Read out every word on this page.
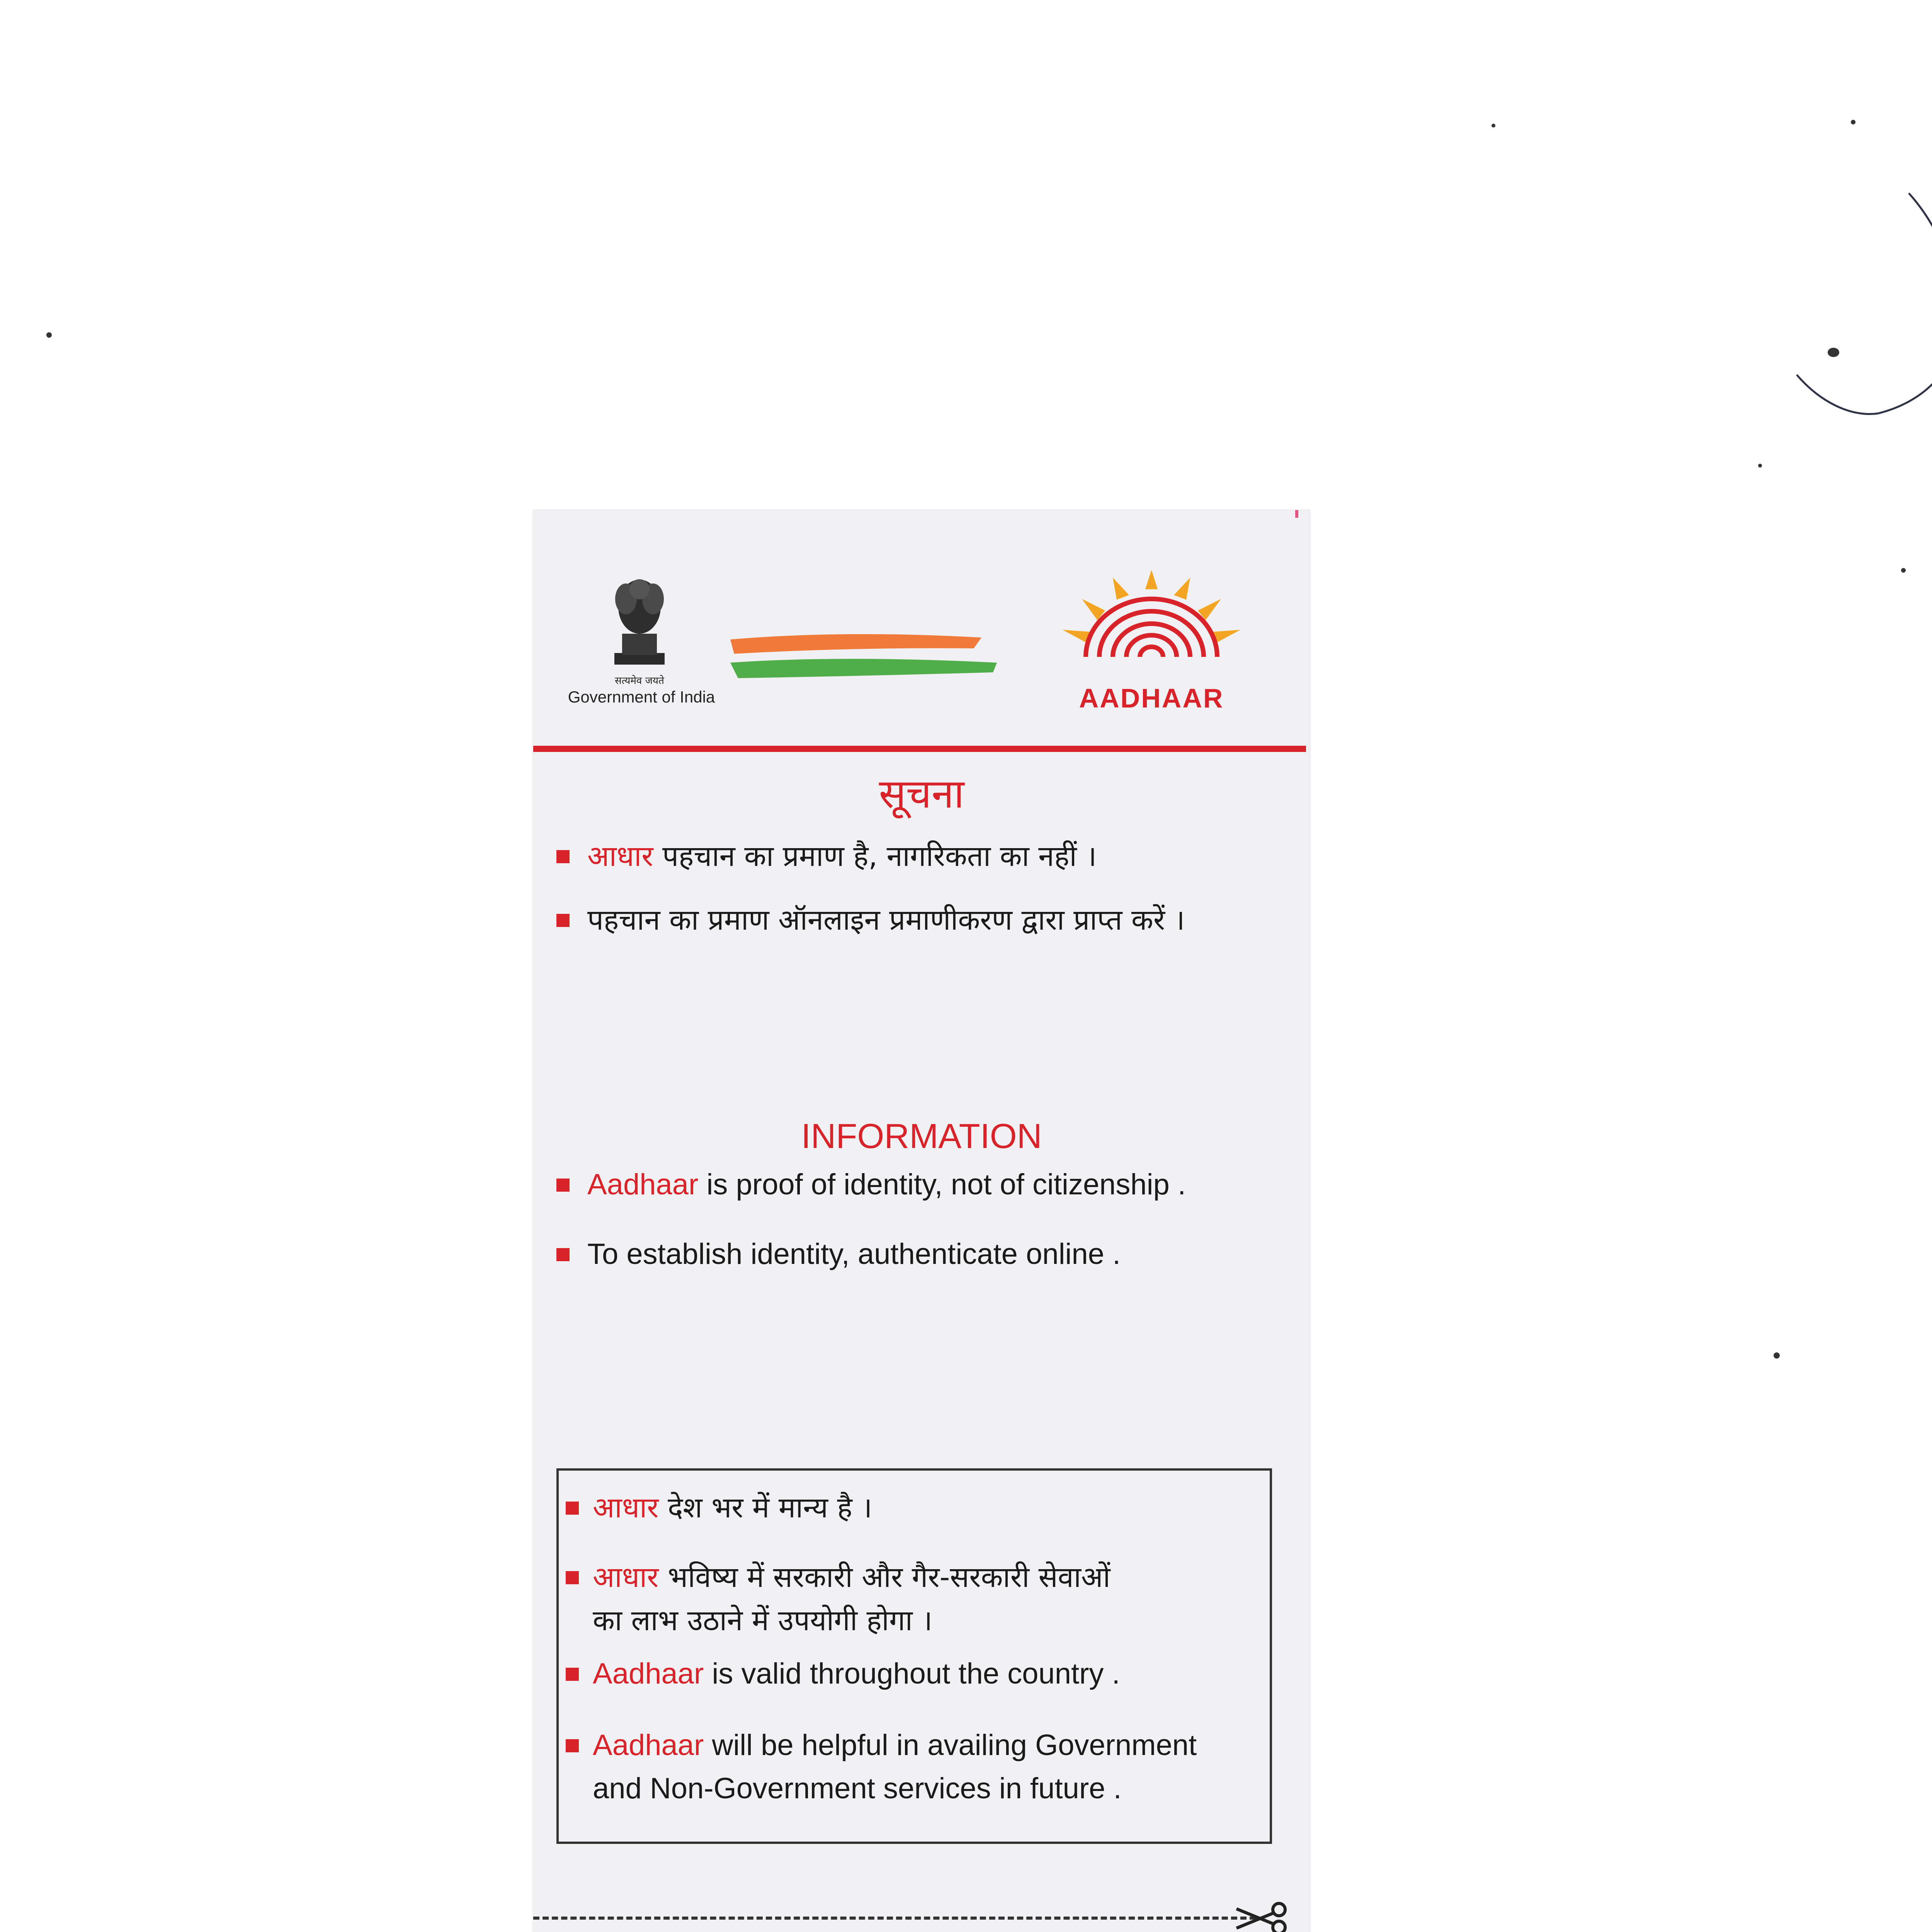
सत्यमेव जयते
Government of India	AADHAAR
सूचना
आधार पहचान का प्रमाण है, नागरिकता का नहीं ।
पहचान का प्रमाण ऑनलाइन प्रमाणीकरण द्वारा प्राप्त करें ।
INFORMATION
Aadhaar is proof of identity, not of citizenship .
To establish identity, authenticate online .
आधार देश भर में मान्य है ।
आधार भविष्य में सरकारी और गैर-सरकारी सेवाओं
का लाभ उठाने में उपयोगी होगा ।
Aadhaar is valid throughout the country .
Aadhaar will be helpful in availing Government
and Non-Government services in future .
